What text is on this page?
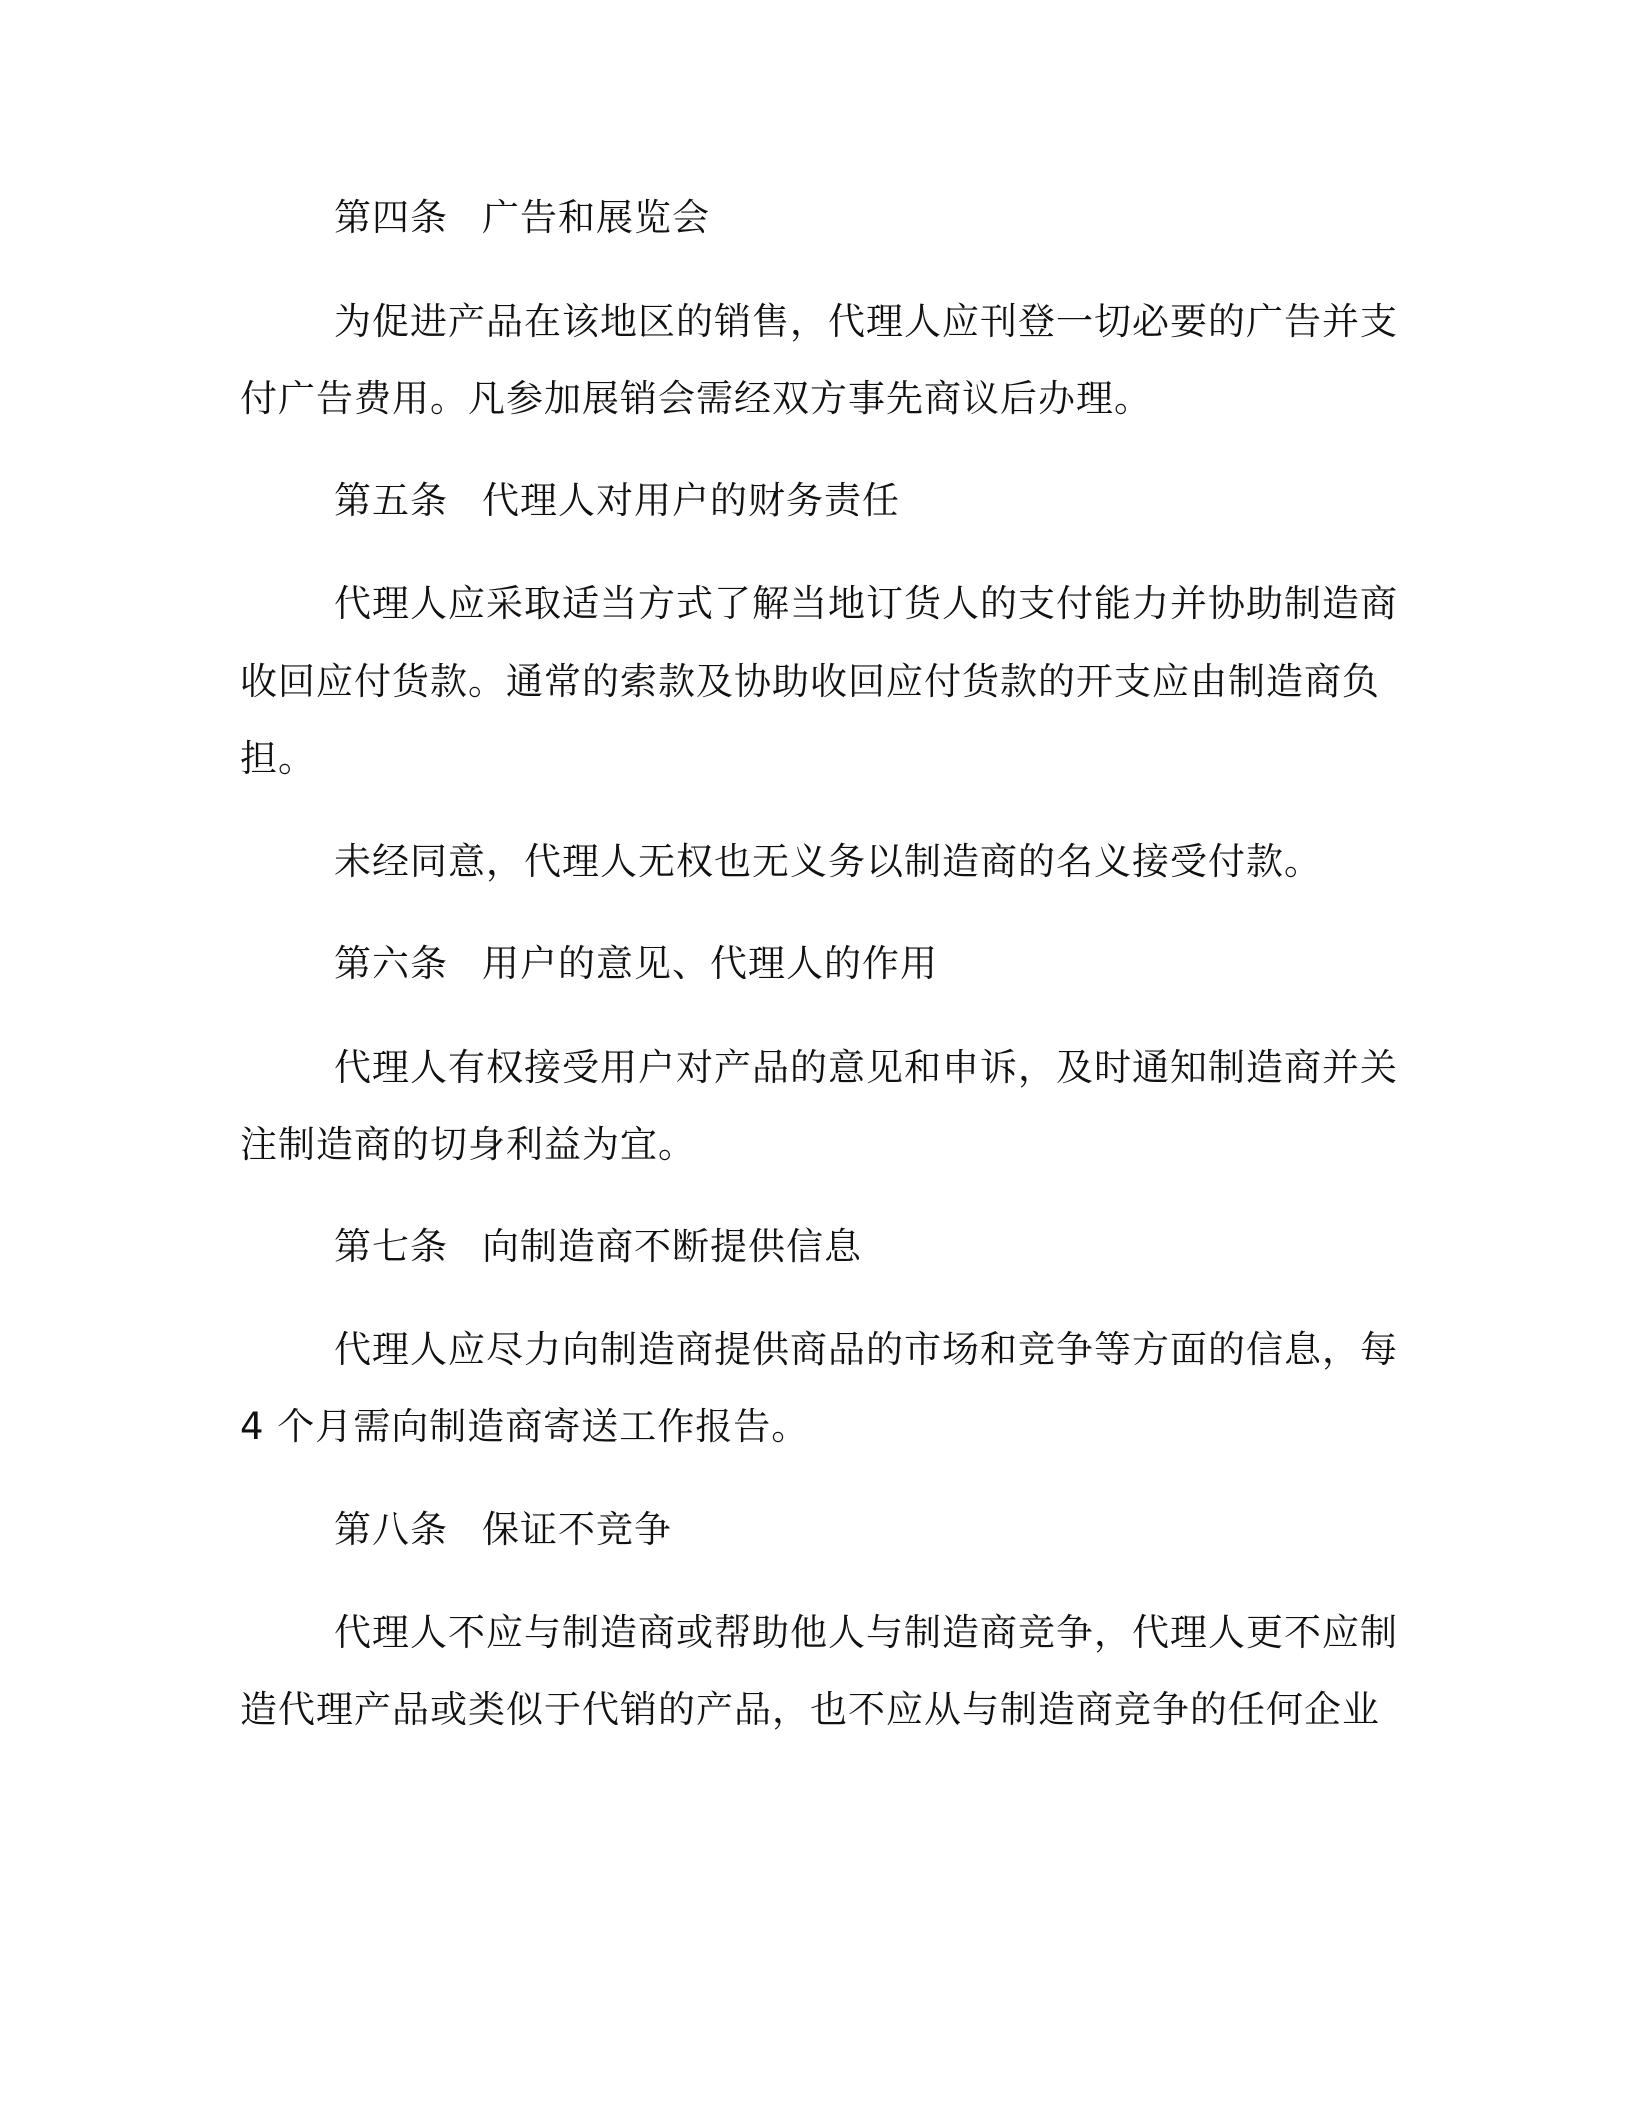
第四条 广告和展览会
为促进产品在该地区的销售，代理人应刊登一切必要的广告并支
付广告费用。凡参加展销会需经双方事先商议后办理。
第五条 代理人对用户的财务责任
代理人应采取适当方式了解当地订货人的支付能力并协助制造商
收回应付货款。通常的索款及协助收回应付货款的开支应由制造商负
担。
未经同意，代理人无权也无义务以制造商的名义接受付款。
第六条 用户的意见、代理人的作用
代理人有权接受用户对产品的意见和申诉，及时通知制造商并关
注制造商的切身利益为宜。
第七条 向制造商不断提供信息
代理人应尽力向制造商提供商品的市场和竞争等方面的信息，每
4 个月需向制造商寄送工作报告。
第八条 保证不竞争
代理人不应与制造商或帮助他人与制造商竞争，代理人更不应制
造代理产品或类似于代销的产品，也不应从与制造商竞争的任何企业
